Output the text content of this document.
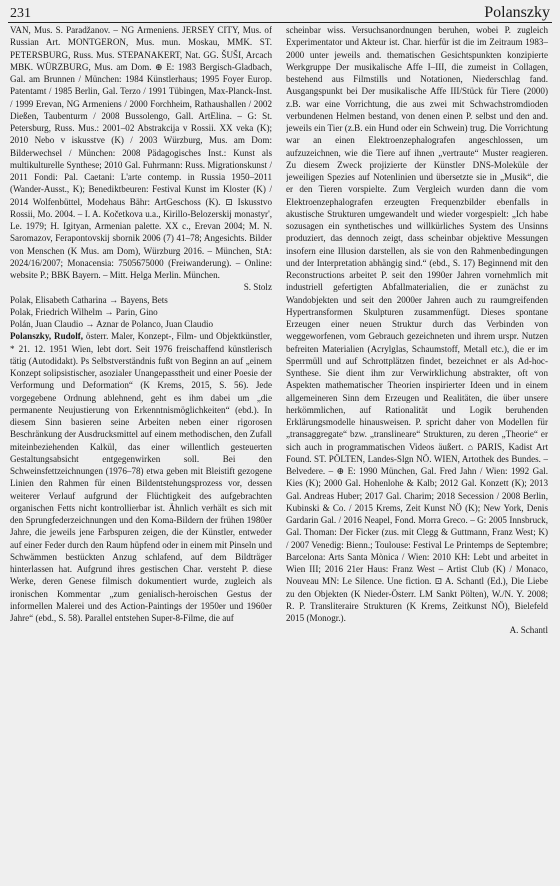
231	Polanszky

VAN, Mus. S. Paradžanov. – NG Armeniens. JERSEY CITY, Mus. of Russian Art. MONTGERON, Mus. mun. Moskau, MMK. ST. PETERSBURG, Russ. Mus. STEPANAKERT, Nat. GG. ŠUŠI, Arcach MBK. WÜRZBURG, Mus. am Dom. ⊕ E: 1983 Bergisch-Gladbach, Gal. am Brunnen / München: 1984 Künstlerhaus; 1995 Foyer Europ. Patentamt / 1985 Berlin, Gal. Terzo / 1991 Tübingen, Max-Planck-Inst. / 1999 Erevan, NG Armeniens / 2000 Forchheim, Rathaushallen / 2002 Dießen, Taubenturm / 2008 Bussolengo, Gall. ArtElina. – G: St. Petersburg, Russ. Mus.: 2001–02 Abstrakcija v Rossii. XX veka (K); 2010 Nebo v iskusstve (K) / 2003 Würzburg, Mus. am Dom: Bilderwechsel / München: 2008 Pädagogisches Inst.: Kunst als multikulturelle Synthese; 2010 Gal. Fuhrmann: Russ. Migrationskunst / 2011 Fondi: Pal. Caetani: L'arte contemp. in Russia 1950–2011 (Wander-Ausst., K); Benediktbeuren: Festival Kunst im Kloster (K) / 2014 Wolfenbüttel, Modehaus Bähr: ArtGeschoss (K). ⊡ Iskusstvo Rossii, Mo. 2004. – I. A. Kočetkova u.a., Kirillo-Belozerskij monastyr', Le. 1979; H. Igityan, Armenian palette. XX c., Erevan 2004; M. N. Saromazov, Ferapontovskij sbornik 2006 (7) 41–78; Angesichts. Bilder von Menschen (K Mus. am Dom), Würzburg 2016. – München, StA: 2024/16/2007; Monacensia: 7505675000 (Freiwanderung). – Online: website P.; BBK Bayern. – Mitt. Helga Merlin. München.

S. Stolz

Polak, Elisabeth Catharina → Bayens, Bets

Polak, Friedrich Wilhelm → Parin, Gino

Polán, Juan Claudio → Aznar de Polanco, Juan Claudio

Polanszky, Rudolf, österr. Maler, Konzept-, Film- und Objektkünstler, * 21. 12. 1951 Wien, lebt dort. Seit 1976 freischaffend künstlerisch tätig (Autodidakt). Ps Selbstverständnis fußt von Beginn an auf „einem Konzept solipsistischer, asozialer Unangepasstheit und einer Poesie der Verformung und Deformation“ (K Krems, 2015, S. 56). Jede vorgegebene Ordnung ablehnend, geht es ihm dabei um „die permanente Neujustierung von Erkenntnismöglichkeiten“ (ebd.). In diesem Sinn basieren seine Arbeiten neben einer rigorosen Beschränkung der Ausdrucksmittel auf einem methodischen, den Zufall miteinbeziehenden Kalkül, das einer willentlich gesteuerten Gestaltungsabsicht entgegenwirken soll. Bei den Schweinsfettzeichnungen (1976–78) etwa geben mit Bleistift gezogene Linien den Rahmen für einen Bildentstehungsprozess vor, dessen weiterer Verlauf aufgrund der Flüchtigkeit des aufgebrachten organischen Fetts nicht kontrollierbar ist. Ähnlich verhält es sich mit den Sprungfederzeichnungen und den Koma-Bildern der frühen 1980er Jahre, die jeweils jene Farbspuren zeigen, die der Künstler, entweder auf einer Feder durch den Raum hüpfend oder in einem mit Pinseln und Schwämmen bestückten Anzug schlafend, auf dem Bildträger hinterlassen hat. Aufgrund ihres gestischen Char. versteht P. diese Werke, deren Genese filmisch dokumentiert wurde, zugleich als ironischen Kommentar „zum genialisch-heroischen Gestus der informellen Malerei und des Action-Paintings der 1950er und 1960er Jahre“ (ebd., S. 58). Parallel entstehen Super-8-Filme, die auf

scheinbar wiss. Versuchsanordnungen beruhen, wobei P. zugleich Experimentator und Akteur ist. Char. hierfür ist die im Zeitraum 1983–2000 unter jeweils and. thematischen Gesichtspunkten konzipierte Werkgruppe Der musikalische Affe I–III, die zumeist in Collagen, bestehend aus Filmstills und Notationen, Niederschlag fand. Ausgangspunkt bei Der musikalische Affe III/Stück für Tiere (2000) z.B. war eine Vorrichtung, die aus zwei mit Schwachstromdioden verbundenen Helmen bestand, von denen einen P. selbst und den and. jeweils ein Tier (z.B. ein Hund oder ein Schwein) trug. Die Vorrichtung war an einen Elektroenzephalografen angeschlossen, um aufzuzeichnen, wie die Tiere auf ihnen „vertraute“ Muster reagieren. Zu diesem Zweck projizierte der Künstler DNS-Moleküle der jeweiligen Spezies auf Notenlinien und übersetzte sie in „Musik“, die er den Tieren vorspielte. Zum Vergleich wurden dann die vom Elektroenzephalografen erzeugten Frequenzbilder ebenfalls in akustische Strukturen umgewandelt und wieder vorgespielt: „Ich habe sozusagen ein synthetisches und willkürliches System des Unsinns produziert, das dennoch zeigt, dass scheinbar objektive Messungen insofern eine Illusion darstellen, als sie von den Rahmenbedingungen und der Interpretation abhängig sind.“ (ebd., S. 17) Beginnend mit den Reconstructions arbeitet P. seit den 1990er Jahren vornehmlich mit industriell gefertigten Abfallmaterialien, die er zunächst zu Wandobjekten und seit den 2000er Jahren auch zu raumgreifenden Hypertransformen Skulpturen zusammenfügt. Dieses spontane Erzeugen einer neuen Struktur durch das Verbinden von weggeworfenen, vom Gebrauch gezeichneten und ihrem urspr. Nutzen befreiten Materialien (Acrylglas, Schaumstoff, Metall etc.), die er im Sperrmüll und auf Schrottplätzen findet, bezeichnet er als Ad-hoc-Synthese. Sie dient ihm zur Verwirklichung abstrakter, oft von Aspekten mathematischer Theorien inspirierter Ideen und in einem allgemeineren Sinn dem Erzeugen und Realitäten, die über unsere herkömmlichen, auf Rationalität und Logik beruhenden Erklärungsmodelle hinausweisen. P. spricht daher von Modellen für „transaggregate“ bzw. „translineare“ Strukturen, zu deren „Theorie“ er sich auch in programmatischen Videos äußert. ⌂ PARIS, Kadist Art Found. ST. PÖLTEN, Landes-Slgn NÖ. WIEN, Artothek des Bundes. – Belvedere. – ⊕ E: 1990 München, Gal. Fred Jahn / Wien: 1992 Gal. Kies (K); 2000 Gal. Hohenlohe & Kalb; 2012 Gal. Konzett (K); 2013 Gal. Andreas Huber; 2017 Gal. Charim; 2018 Secession / 2008 Berlin, Kubinski & Co. / 2015 Krems, Zeit Kunst NÖ (K); New York, Denis Gardarin Gal. / 2016 Neapel, Fond. Morra Greco. – G: 2005 Innsbruck, Gal. Thoman: Der Ficker (zus. mit Clegg & Guttmann, Franz West; K) / 2007 Venedig: Bienn.; Toulouse: Festival Le Printemps de Septembre; Barcelona: Arts Santa Mònica / Wien: 2010 KH: Lebt und arbeitet in Wien III; 2016 21er Haus: Franz West – Artist Club (K) / Monaco, Nouveau MN: Le Silence. Une fiction. ⊡ A. Schantl (Ed.), Die Liebe zu den Objekten (K Nieder-Österr. LM Sankt Pölten), W./N. Y. 2008; R. P. Transliteraire Strukturen (K Krems, Zeitkunst NÖ), Bielefeld 2015 (Monogr.).

A. Schantl
